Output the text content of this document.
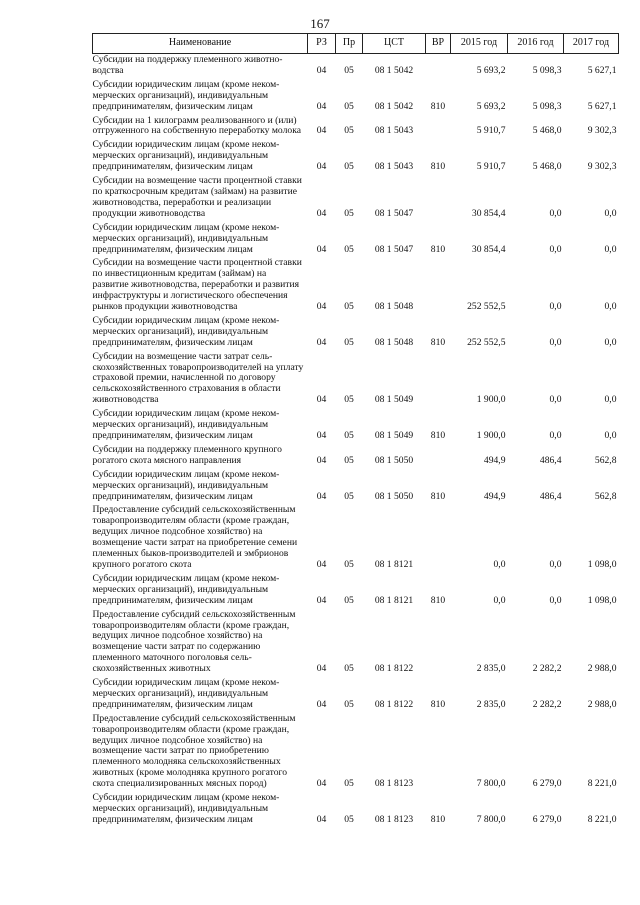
167
Наименование	РЗ	Пр	ЦСТ	ВР	2015 год	2016 год	2017 год
Субсидии на поддержку племенного животноводства	04	05	08 1 5042		5 693,2	5 098,3	5 627,1
Субсидии юридическим лицам (кроме некоммерческих организаций), индивидуальным предпринимателям, физическим лицам	04	05	08 1 5042	810	5 693,2	5 098,3	5 627,1
Субсидии на 1 килограмм реализованного и (или) отгруженного на собственную переработку молока	04	05	08 1 5043		5 910,7	5 468,0	9 302,3
Субсидии юридическим лицам (кроме некоммерческих организаций), индивидуальным предпринимателям, физическим лицам	04	05	08 1 5043	810	5 910,7	5 468,0	9 302,3
Субсидии на возмещение части процентной ставки по краткосрочным кредитам (займам) на развитие животноводства, переработки и реализации продукции животноводства	04	05	08 1 5047		30 854,4	0,0	0,0
Субсидии юридическим лицам (кроме некоммерческих организаций), индивидуальным предпринимателям, физическим лицам	04	05	08 1 5047	810	30 854,4	0,0	0,0
Субсидии на возмещение части процентной ставки по инвестиционным кредитам (займам) на развитие животноводства, переработки и развития инфраструктуры и логистического обеспечения рынков продукции животноводства	04	05	08 1 5048		252 552,5	0,0	0,0
Субсидии юридическим лицам (кроме некоммерческих организаций), индивидуальным предпринимателям, физическим лицам	04	05	08 1 5048	810	252 552,5	0,0	0,0
Субсидии на возмещение части затрат сельскохозяйственных товаропроизводителей на уплату страховой премии, начисленной по договору сельскохозяйственного страхования в области животноводства	04	05	08 1 5049		1 900,0	0,0	0,0
Субсидии юридическим лицам (кроме некоммерческих организаций), индивидуальным предпринимателям, физическим лицам	04	05	08 1 5049	810	1 900,0	0,0	0,0
Субсидии на поддержку племенного крупного рогатого скота мясного направления	04	05	08 1 5050		494,9	486,4	562,8
Субсидии юридическим лицам (кроме некоммерческих организаций), индивидуальным предпринимателям, физическим лицам	04	05	08 1 5050	810	494,9	486,4	562,8
Предоставление субсидий сельскохозяйственным товаропроизводителям области (кроме граждан, ведущих личное подсобное хозяйство) на возмещение части затрат на приобретение семени племенных быков-производителей и эмбрионов крупного рогатого скота	04	05	08 1 8121		0,0	0,0	1 098,0
Субсидии юридическим лицам (кроме некоммерческих организаций), индивидуальным предпринимателям, физическим лицам	04	05	08 1 8121	810	0,0	0,0	1 098,0
Предоставление субсидий сельскохозяйственным товаропроизводителям области (кроме граждан, ведущих личное подсобное хозяйство) на возмещение части затрат по содержанию племенного маточного поголовья сельскохозяйственных животных	04	05	08 1 8122		2 835,0	2 282,2	2 988,0
Субсидии юридическим лицам (кроме некоммерческих организаций), индивидуальным предпринимателям, физическим лицам	04	05	08 1 8122	810	2 835,0	2 282,2	2 988,0
Предоставление субсидий сельскохозяйственным товаропроизводителям области (кроме граждан, ведущих личное подсобное хозяйство) на возмещение части затрат по приобретению племенного молодняка сельскохозяйственных животных (кроме молодняка крупного рогатого скота специализированных мясных пород)	04	05	08 1 8123		7 800,0	6 279,0	8 221,0
Субсидии юридическим лицам (кроме некоммерческих организаций), индивидуальным предпринимателям, физическим лицам	04	05	08 1 8123	810	7 800,0	6 279,0	8 221,0
